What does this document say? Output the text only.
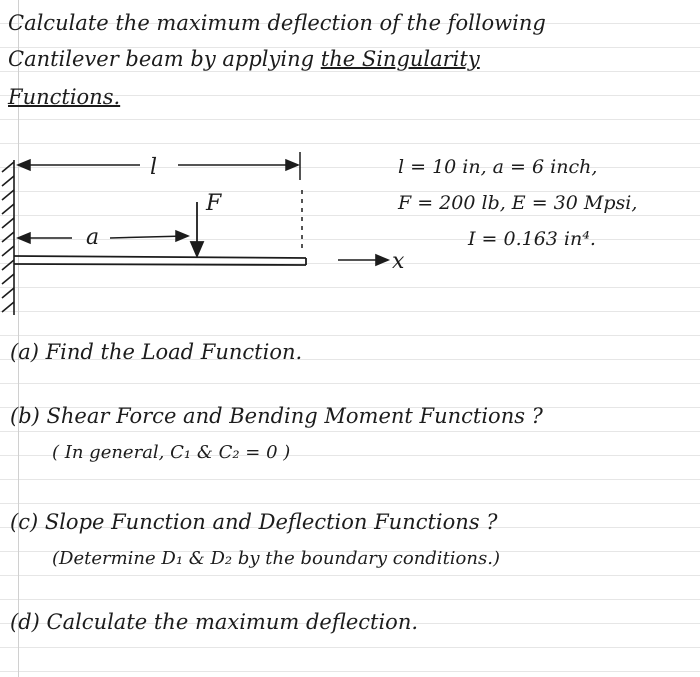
Calculate the maximum deflection of the following
Cantilever beam by applying the Singularity
Functions.
l
a
F
x
l = 10 in, a = 6 inch,
F = 200 lb, E = 30 Mpsi,
I = 0.163 in⁴.
(a) Find the Load Function.
(b) Shear Force and Bending Moment Functions ?
( In general, C₁ & C₂ = 0 )
(c) Slope Function and Deflection Functions ?
(Determine D₁ & D₂ by the boundary conditions.)
(d) Calculate the maximum deflection.
